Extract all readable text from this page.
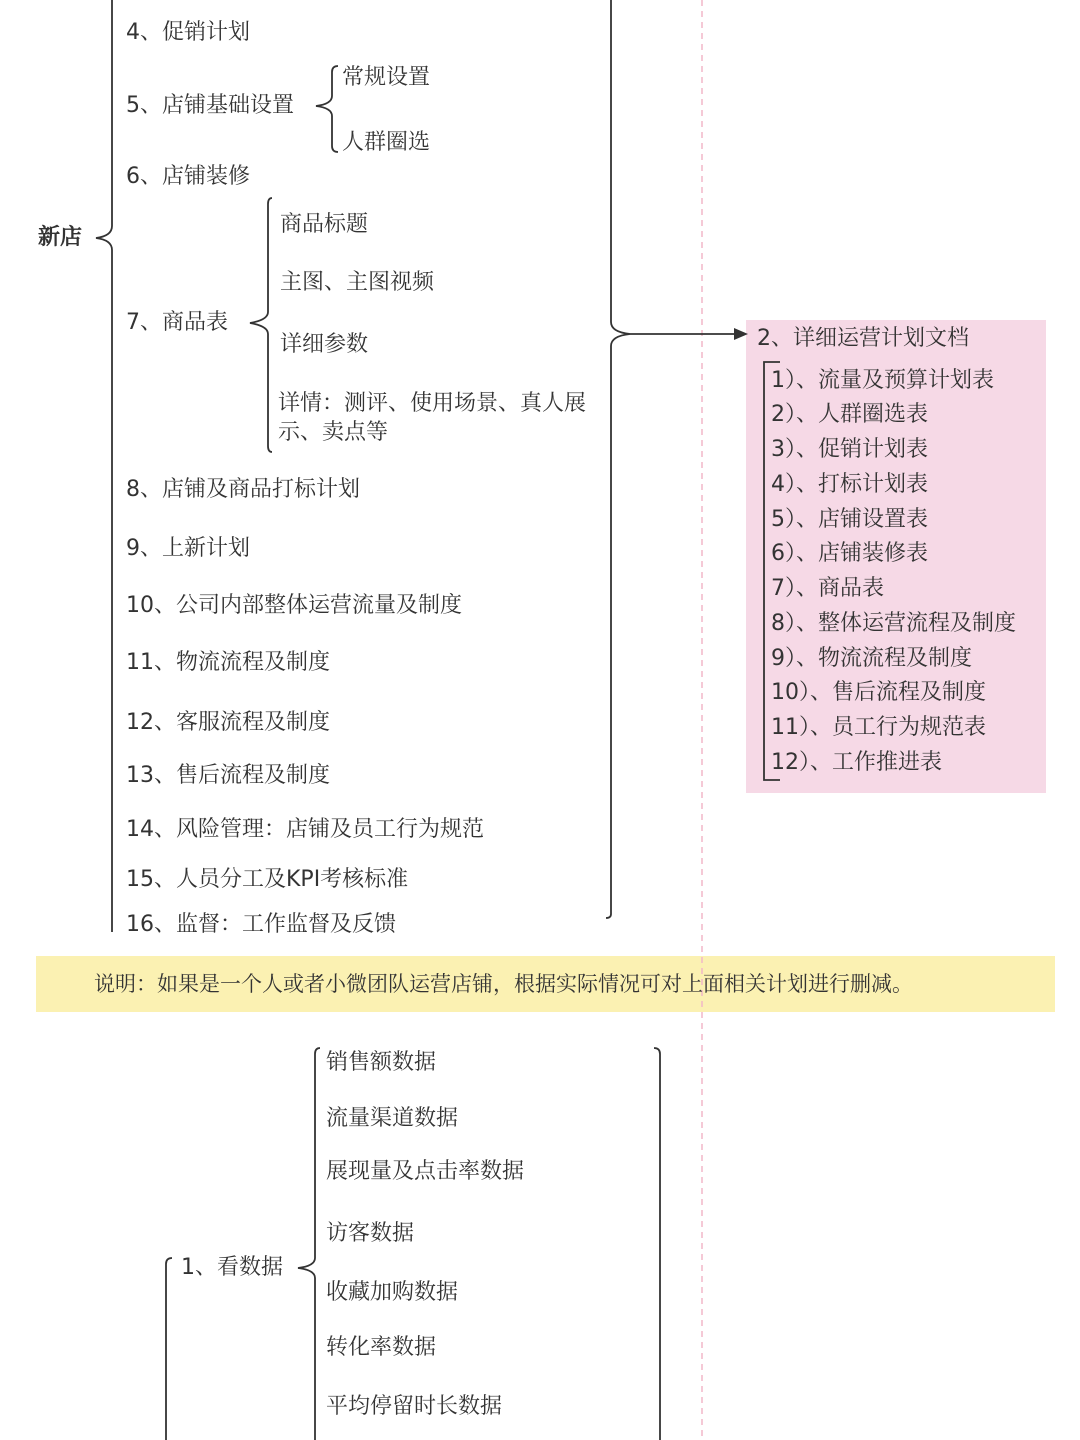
新店
4、促销计划
5、店铺基础设置
6、店铺装修
7、商品表
8、店铺及商品打标计划
9、上新计划
10、公司内部整体运营流量及制度
11、物流流程及制度
12、客服流程及制度
13、售后流程及制度
14、风险管理：店铺及员工行为规范
15、人员分工及KPI考核标准
16、监督：工作监督及反馈
常规设置
人群圈选
商品标题
主图、主图视频
详细参数
详情：测评、使用场景、真人展
示、卖点等
2、详细运营计划文档
1）、流量及预算计划表
2）、人群圈选表
3）、促销计划表
4）、打标计划表
5）、店铺设置表
6）、店铺装修表
7）、商品表
8）、整体运营流程及制度
9）、物流流程及制度
10）、售后流程及制度
11）、员工行为规范表
12）、工作推进表
说明：如果是一个人或者小微团队运营店铺，根据实际情况可对上面相关计划进行删减。
1、看数据
销售额数据
流量渠道数据
展现量及点击率数据
访客数据
收藏加购数据
转化率数据
平均停留时长数据
